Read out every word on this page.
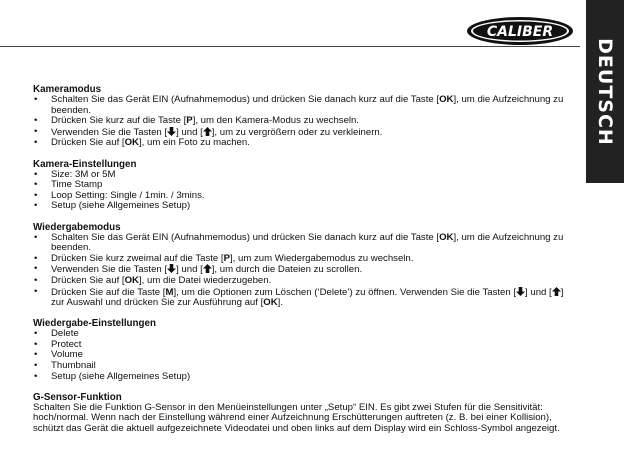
CALIBER
DEUTSCH
Kameramodus
• Schalten Sie das Gerät EIN (Aufnahmemodus) und drücken Sie danach kurz auf die Taste [OK], um die Aufzeichnung zu beenden.
• Drücken Sie kurz auf die Taste [P], um den Kamera-Modus zu wechseln.
• Verwenden Sie die Tasten [ ] und [ ], um zu vergrößern oder zu verkleinern.
• Drücken Sie auf [OK], um ein Foto zu machen.
Kamera-Einstellungen
• Size: 3M or 5M
• Time Stamp
• Loop Setting: Single / 1min. / 3mins.
• Setup (siehe Allgemeines Setup)
Wiedergabemodus
• Schalten Sie das Gerät EIN (Aufnahmemodus) und drücken Sie danach kurz auf die Taste [OK], um die Aufzeichnung zu beenden.
• Drücken Sie kurz zweimal auf die Taste [P], um zum Wiedergabemodus zu wechseln.
• Verwenden Sie die Tasten [ ] und [ ], um durch die Dateien zu scrollen.
• Drücken Sie auf [OK], um die Datei wiederzugeben.
• Drücken Sie auf die Taste [M], um die Optionen zum Löschen (‘Delete’) zu öffnen. Verwenden Sie die Tasten [ ] und [ ] zur Auswahl und drücken Sie zur Ausführung auf [OK].
Wiedergabe-Einstellungen
• Delete
• Protect
• Volume
• Thumbnail
• Setup (siehe Allgemeines Setup)
G-Sensor-Funktion

Schalten Sie die Funktion G-Sensor in den Menüeinstellungen unter „Setup“ EIN. Es gibt zwei Stufen für die Sensitivität: hoch/normal. Wenn nach der Einstellung während einer Aufzeichnung Erschütterungen auftreten (z. B. bei einer Kollision), schützt das Gerät die aktuell aufgezeichnete Videodatei und oben links auf dem Display wird ein Schloss-Symbol angezeigt.
